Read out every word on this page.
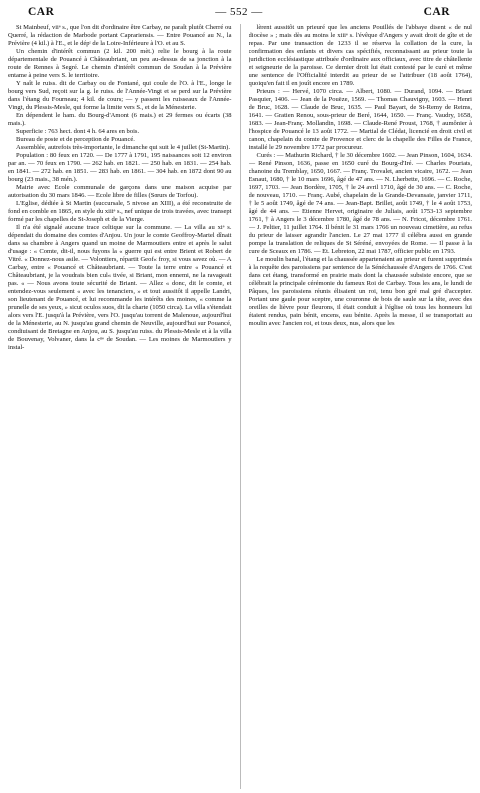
CAR	— 552 —	CAR

St Mainbeuf, viiᵉ s., que l'on dit d'ordinaire être Carbay, ne paraît plutôt Cherré ou Querré, la rédaction de Marbode portant Caprariensis. — Entre Pouancé au N., la Prévière (4 kil.) à l'E., et le dépᵗ de la Loire-Inférieure à l'O. et au S.

Un chemin d'intérêt commun (2 kil. 200 mèt.) relie le bourg à la route départementale de Pouancé à Châteaubriant, un peu au-dessus de sa jonction à la route de Rennes à Segré. Le chemin d'intérêt commun de Soudan à la Prévière entame à peine vers S. le territoire.

Y naît le ruiss. dit de Carbay ou de Fontané, qui coule de l'O. à l'E., longe le bourg vers Sud, reçoit sur la g. le ruiss. de l'Année-Vingt et se perd sur la Prévière dans l'étang du Fourneau; 4 kil. de cours; — y passent les ruisseaux de l'Année-Vingt, du Plessis-Mesle, qui forme la limite vers S., et de la Ménesterie.

En dépendent le ham. du Bourg-d'Amont (6 mais.) et 29 fermes ou écarts (38 mais.).

Superficie : 763 hect. dont 4 h. 64 ares en bois.

Bureau de poste et de perception de Pouancé.

Assemblée, autrefois très-importante, le dimanche qui suit le 4 juillet (St-Martin).

Population : 80 feux en 1720. — De 1777 à 1791, 195 naissances soit 12 environ par an. — 70 feux en 1790. — 262 hab. en 1821. — 250 hab. en 1831. — 254 hab. en 1841. — 272 hab. en 1851. — 283 hab. en 1861. — 304 hab. en 1872 dont 90 au bourg (23 mais., 38 mén.).

Mairie avec Ecole communale de garçons dans une maison acquise par autorisation du 30 mars 1846. — Ecole libre de filles (Sœurs de Torfou).

L'Eglise, dédiée à St Martin (succursale, 5 nivose an XIII), a été reconstruite de fond en comble en 1865, en style du xiiiᵉ s., nef unique de trois travées, avec transept formé par les chapelles de St-Joseph et de la Vierge.

Il n'a été signalé aucune trace celtique sur la commune. — La villa au xiᵉ s. dépendait du domaine des comtes d'Anjou. Un jour le comte Geoffroy-Martel dînait dans sa chambre à Angers quand un moine de Marmoutiers entre et après le salut d'usage : « Comte, dit-il, nous fuyons la « guerre qui est entre Brient et Robert de Vitré. « Donnez-nous asile. — Volontiers, répartit Geof« froy, si vous savez où. — A Carbay, entre « Pouancé et Châteaubriant. — Toute la terre entre « Pouancé et Châteaubriant, je la voudrais bien cul« tivée, si Briant, mon ennemi, ne la ravageait pas. « — Nous avons toute sécurité de Briant. — Allez « donc, dit le comte, et entendez-vous seulement « avec les tenanciers, » et tout aussitôt il appelle Landri, son lieutenant de Pouancé, et lui recommande les intérêts des moines, « comme la prunelle de ses yeux, » sicut oculos suos, dit la charte (1050 circa). La villa s'étendait alors vers l'E. jusqu'à la Prévière, vers l'O. jusqu'au torrent de Malenoue, aujourd'hui de la Ménesterie, au N. jusqu'au grand chemin de Neuville, aujourd'hui sur Pouancé, condiuisant de Bretagne en Anjou, au S. jusqu'au ruiss. du Plessis-Mesle et à la villa de Bouvenay, Volvaner, dans la cⁿᵉ de Soudan. — Les moines de Marmoutiers y instal-

lèrent aussitôt un prieuré que les anciens Pouillés de l'abbaye disent « de nul diocèse » ; mais dès au moins le xiiiᵉ s. l'évêque d'Angers y avait droit de gîte et de repas. Par une transaction de 1233 il se réserva la collation de la cure, la confirmation des enfants et divers cas spécifiés, reconnaissant au prieur toute la juridiction ecclésiastique attribuée d'ordinaire aux officiaux, avec titre de châtellenie et seigneurie de la paroisse. Ce dernier droit lui était contesté par le curé et même une sentence de l'Officialité interdit au prieur de se l'attribuer (18 août 1764), quoiqu'en fait il en jouît encore en 1789.

Prieurs : — Hervé, 1070 circa. — Albert, 1080. — Durand, 1094. — Briant Pasquier, 1406. — Jean de la Pouëze, 1569. — Thomas Chauvigny, 1603. — Henri de Bruc, 1628. — Claude de Bruc, 1635. — Paul Bayart, de St-Remy de Reims, 1641. — Gratien Renou, sous-prieur de Beré, 1644, 1650. — Franç. Vaudry, 1658, 1683. — Jean-Franç. Mollandin, 1698. — Claude-René Proust, 1768, † aumônier à l'hospice de Pouancé le 13 août 1772. — Martial de Clédat, licencié en droit civil et canon, chapelain du comte de Provence et clerc de la chapelle des Filles de France, installé le 29 novembre 1772 par procureur.

Curés : — Mathurin Richard, † le 30 décembre 1602. — Jean Pinson, 1604, 1634. — René Pinson, 1636, passe en 1650 curé du Bourg-d'Iré. — Charles Pouriats, chanoine du Tremblay, 1650, 1667. — Franç. Trovalet, ancien vicaire, 1672. — Jean Esnaut, 1680, † le 10 mars 1696, âgé de 47 ans. — N. Lherbette, 1696. — C. Roche, 1697, 1703. — Jean Bordère, 1705, † le 24 avril 1710, âgé de 30 ans. — C. Roche, de nouveau, 1710. — Franç. Aubé, chapelain de la Grande-Devansaie, janvier 1711, † le 5 août 1749, âgé de 74 ans. — Jean-Bapt. Brillet, août 1749, † le 4 août 1753, âgé de 44 ans. — Etienne Hervet, originaire de Juliais, août 1753-13 septembre 1761, † à Angers le 3 décembre 1780, âgé de 78 ans. — N. Fricot, décembre 1761. — J. Peltier, 11 juillet 1764. Il bénit le 31 mars 1766 un nouveau cimetière, au refus du prieur de laisser agrandir l'ancien. Le 27 mai 1777 il célébra aussi en grande pompe la translation de reliques de St Séréné, envoyées de Rome. — Il passe à la cure de Sceaux en 1786. — Et. Lebreton, 22 mai 1787, officier public en 1793.

Le moulin banal, l'étang et la chaussée appartenaient au prieur et furent supprimés à la requête des paroissiens par sentence de la Sénéchaussée d'Angers de 1766. C'est dans cet étang, transformé en prairie mais dont la chaussée subsiste encore, que se célébrait la principale cérémonie du fameux Roi de Carbay. Tous les ans, le lundi de Pâques, les paroissiens réunis élisaient un roi, tenu bon gré mal gré d'accepter. Portant une gaule pour sceptre, une couronne de bois de saule sur la tête, avec des oreilles de lièvre pour fleurons, il était conduit à l'église où tous les honneurs lui étaient rendus, pain bénit, encens, eau bénite. Après la messe, il se transportait au moulin avec l'ancien roi, et tous deux, nus, alors que les
